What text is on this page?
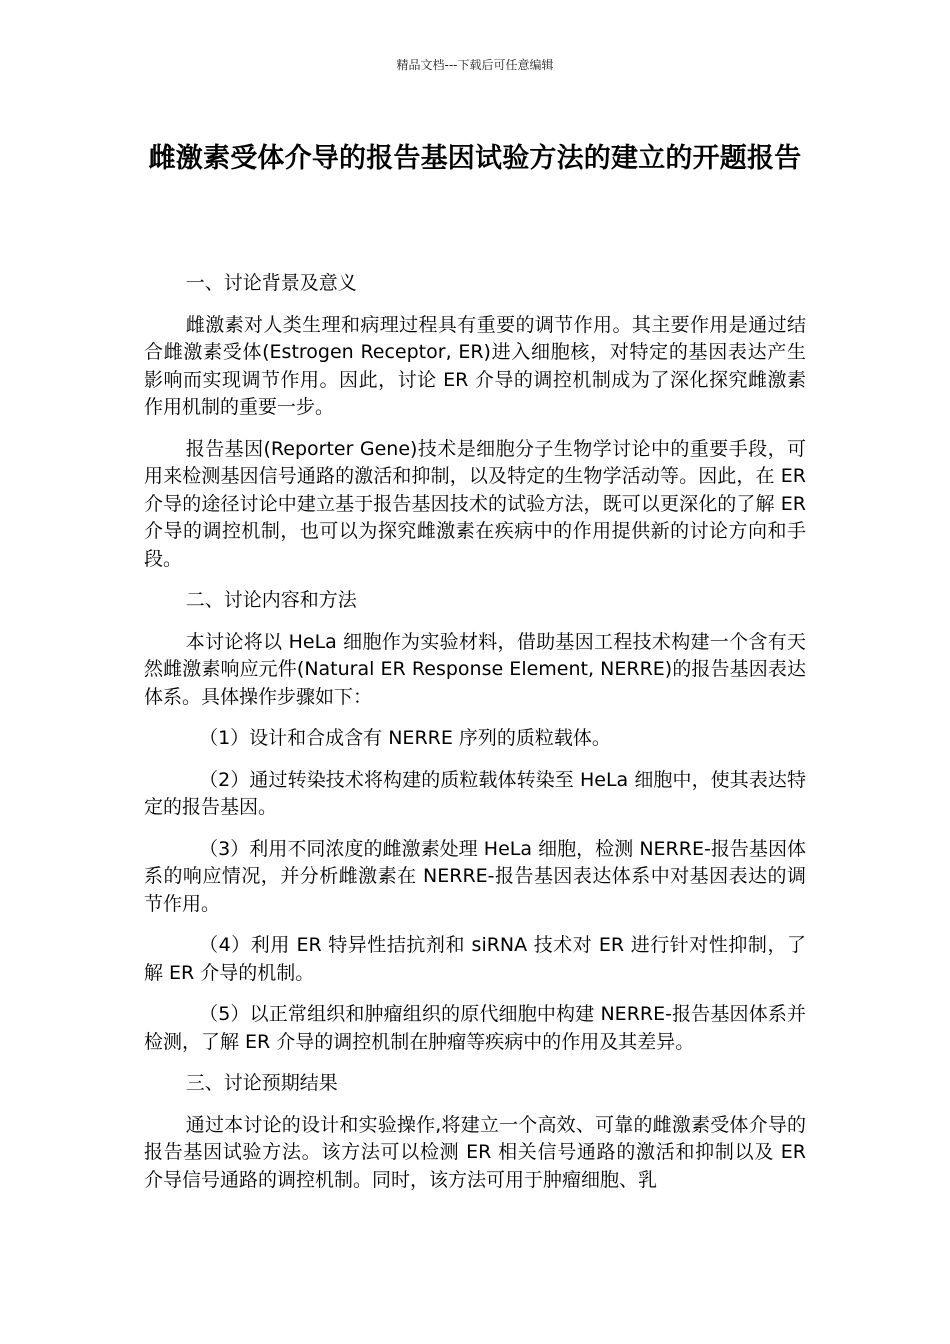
精品文档---下载后可任意编辑
雌激素受体介导的报告基因试验方法的建立的开题报告

一、讨论背景及意义

雌激素对人类生理和病理过程具有重要的调节作用。其主要作用是通过结合雌激素受体(Estrogen Receptor, ER)进入细胞核，对特定的基因表达产生影响而实现调节作用。因此，讨论 ER 介导的调控机制成为了深化探究雌激素作用机制的重要一步。

报告基因(Reporter Gene)技术是细胞分子生物学讨论中的重要手段，可用来检测基因信号通路的激活和抑制，以及特定的生物学活动等。因此，在 ER 介导的途径讨论中建立基于报告基因技术的试验方法，既可以更深化的了解 ER 介导的调控机制，也可以为探究雌激素在疾病中的作用提供新的讨论方向和手段。

二、讨论内容和方法

本讨论将以 HeLa 细胞作为实验材料，借助基因工程技术构建一个含有天然雌激素响应元件(Natural ER Response Element, NERRE)的报告基因表达体系。具体操作步骤如下：

（1）设计和合成含有 NERRE 序列的质粒载体。

（2）通过转染技术将构建的质粒载体转染至 HeLa 细胞中，使其表达特定的报告基因。

（3）利用不同浓度的雌激素处理 HeLa 细胞，检测 NERRE-报告基因体系的响应情况，并分析雌激素在 NERRE-报告基因表达体系中对基因表达的调节作用。

（4）利用 ER 特异性拮抗剂和 siRNA 技术对 ER 进行针对性抑制，了解 ER 介导的机制。

（5）以正常组织和肿瘤组织的原代细胞中构建 NERRE-报告基因体系并检测，了解 ER 介导的调控机制在肿瘤等疾病中的作用及其差异。

三、讨论预期结果

通过本讨论的设计和实验操作,将建立一个高效、可靠的雌激素受体介导的报告基因试验方法。该方法可以检测 ER 相关信号通路的激活和抑制以及 ER 介导信号通路的调控机制。同时，该方法可用于肿瘤细胞、乳
